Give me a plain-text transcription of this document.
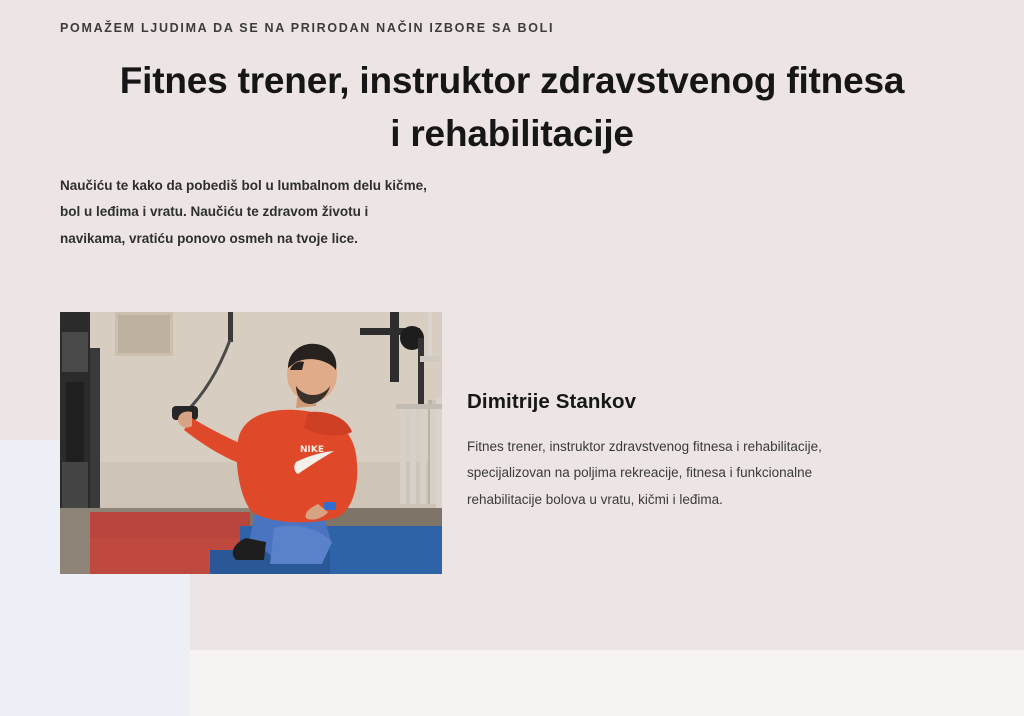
POMAŽEM LJUDIMA DA SE NA PRIRODAN NAČIN IZBORE SA BOLI
Fitnes trener, instruktor zdravstvenog fitnesa i rehabilitacije

Naučiću te kako da pobediš bol u lumbalnom delu kičme, bol u leđima i vratu. Naučiću te zdravom životu i navikama, vratiću ponovo osmeh na tvoje lice.

NIKE
Dimitrije Stankov
Fitnes trener, instruktor zdravstvenog fitnesa i rehabilitacije, specijalizovan na poljima rekreacije, fitnesa i funkcionalne rehabilitacije bolova u vratu, kičmi i leđima.
